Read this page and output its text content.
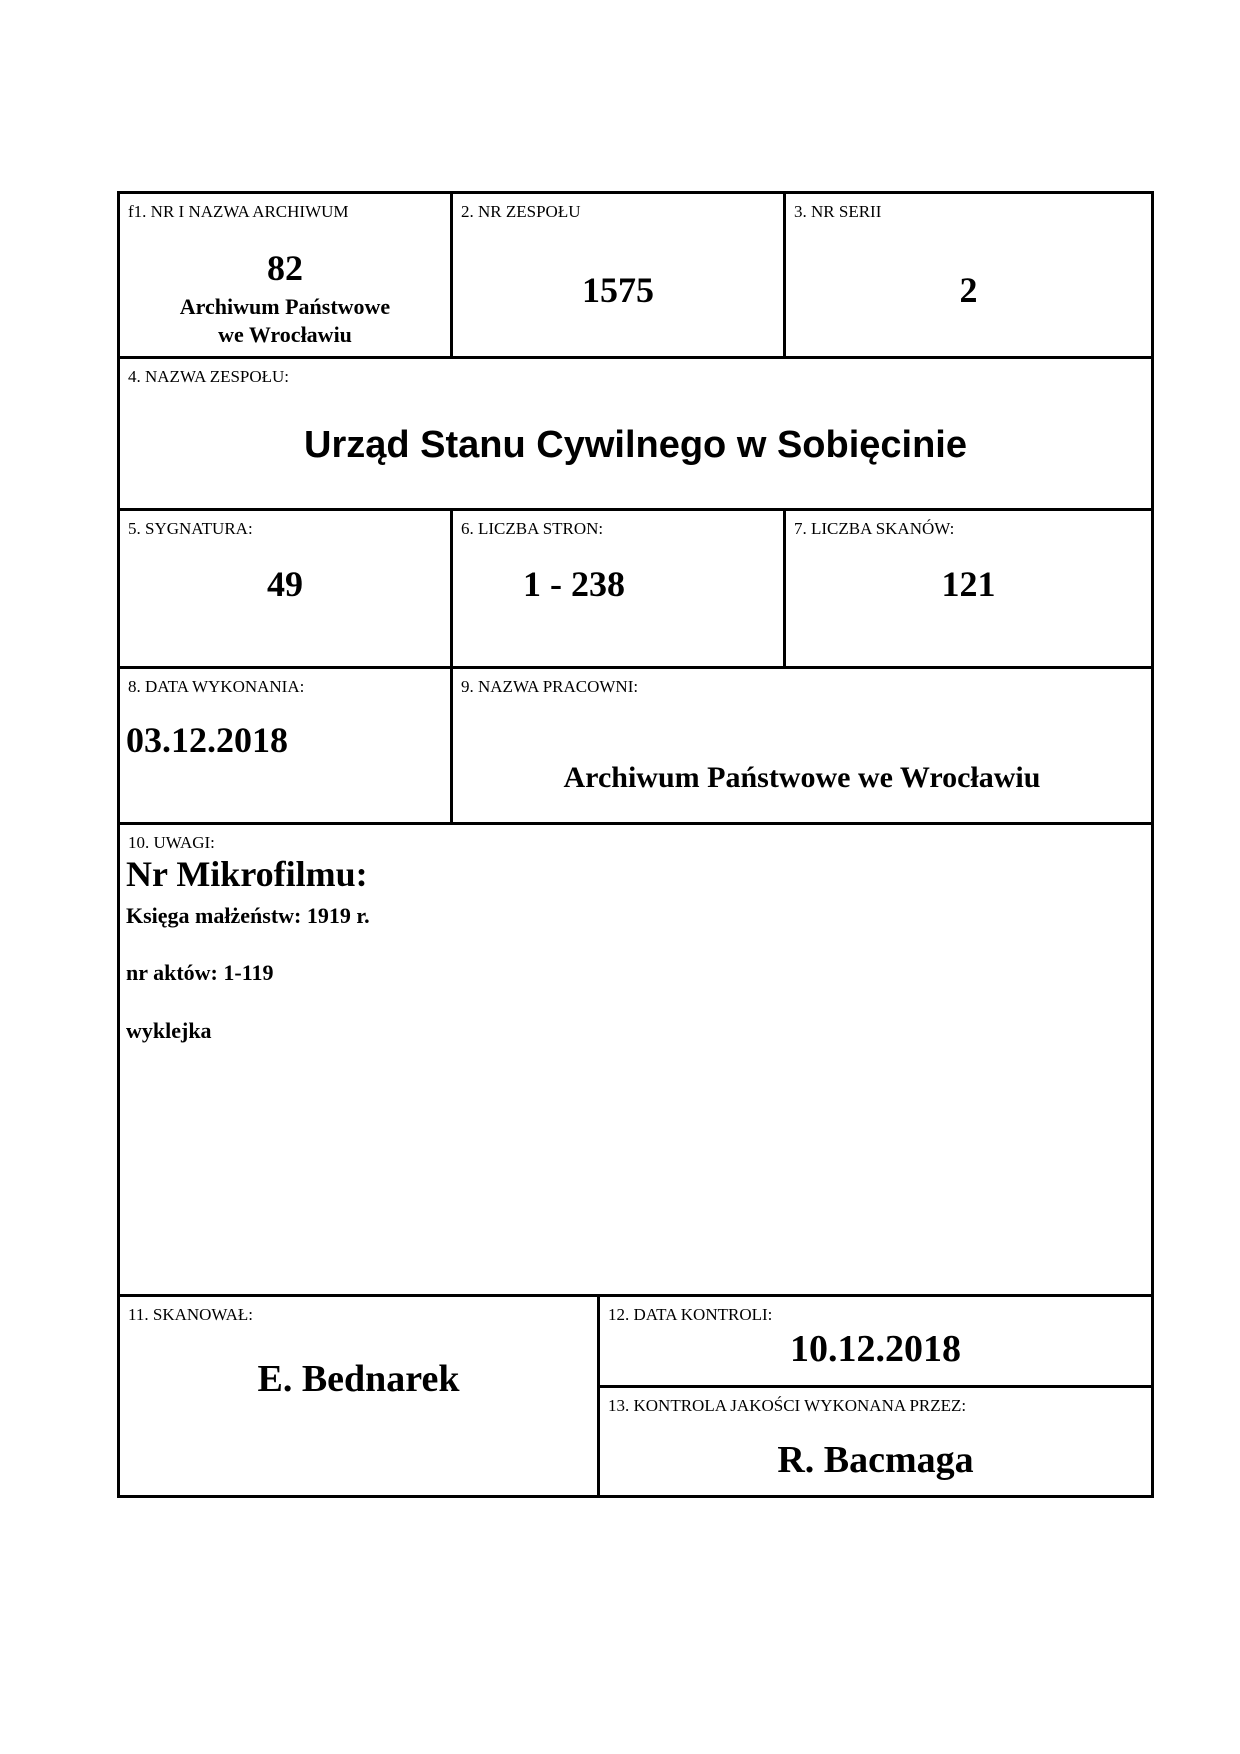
f1. NR I NAZWA ARCHIWUM
82
Archiwum Państwowe
we Wrocławiu
2. NR ZESPOŁU
1575
3. NR SERII
2
4. NAZWA ZESPOŁU:
Urząd Stanu Cywilnego w Sobięcinie
5. SYGNATURA:
49
6. LICZBA STRON:
1 - 238
7. LICZBA SKANÓW:
121
8. DATA WYKONANIA:
03.12.2018
9. NAZWA PRACOWNI:
Archiwum Państwowe we Wrocławiu
10. UWAGI:
Nr Mikrofilmu:
Księga małżeństw: 1919 r.
nr aktów: 1-119
wyklejka
11. SKANOWAŁ:
E. Bednarek
12. DATA KONTROLI:
10.12.2018
13. KONTROLA JAKOŚCI WYKONANA PRZEZ:
R. Bacmaga
